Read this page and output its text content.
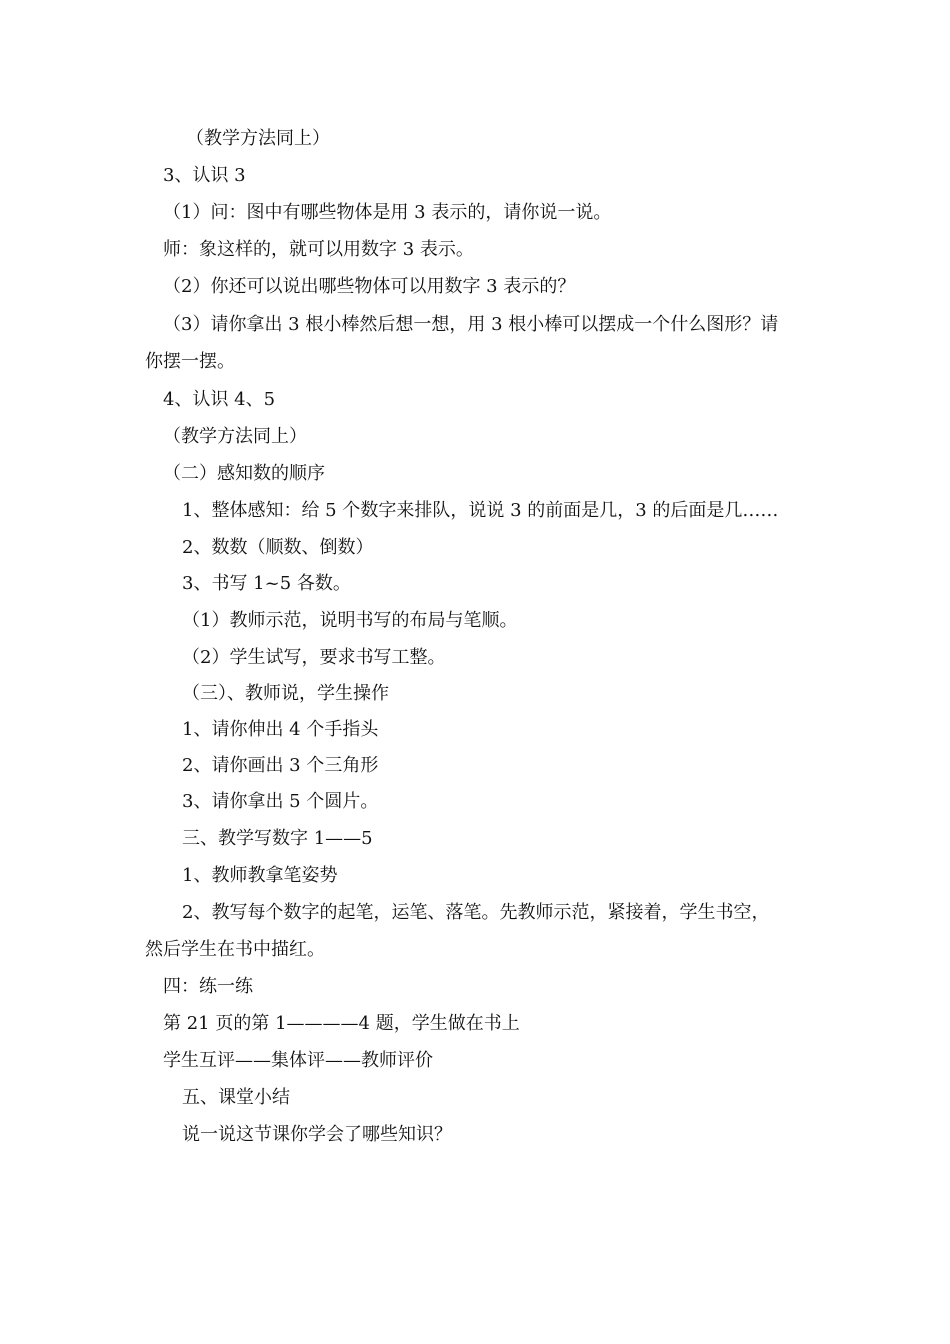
（教学方法同上）
3、认识 3
（1）问：图中有哪些物体是用 3 表示的，请你说一说。
师：象这样的，就可以用数字 3 表示。
（2）你还可以说出哪些物体可以用数字 3 表示的？
（3）请你拿出 3 根小棒然后想一想，用 3 根小棒可以摆成一个什么图形？请
你摆一摆。
4、认识 4、5
（教学方法同上）
（二）感知数的顺序
1、整体感知：给 5 个数字来排队，说说 3 的前面是几，3 的后面是几……
2、数数（顺数、倒数）
3、书写 1~5 各数。
（1）教师示范，说明书写的布局与笔顺。
（2）学生试写，要求书写工整。
（三）、教师说，学生操作
1、请你伸出 4 个手指头
2、请你画出 3 个三角形
3、请你拿出 5 个圆片。
三、教学写数字 1——5
1、教师教拿笔姿势
2、教写每个数字的起笔，运笔、落笔。先教师示范，紧接着，学生书空，
然后学生在书中描红。
四：练一练
第 21 页的第 1————4 题，学生做在书上
学生互评——集体评——教师评价
五、课堂小结
说一说这节课你学会了哪些知识？
